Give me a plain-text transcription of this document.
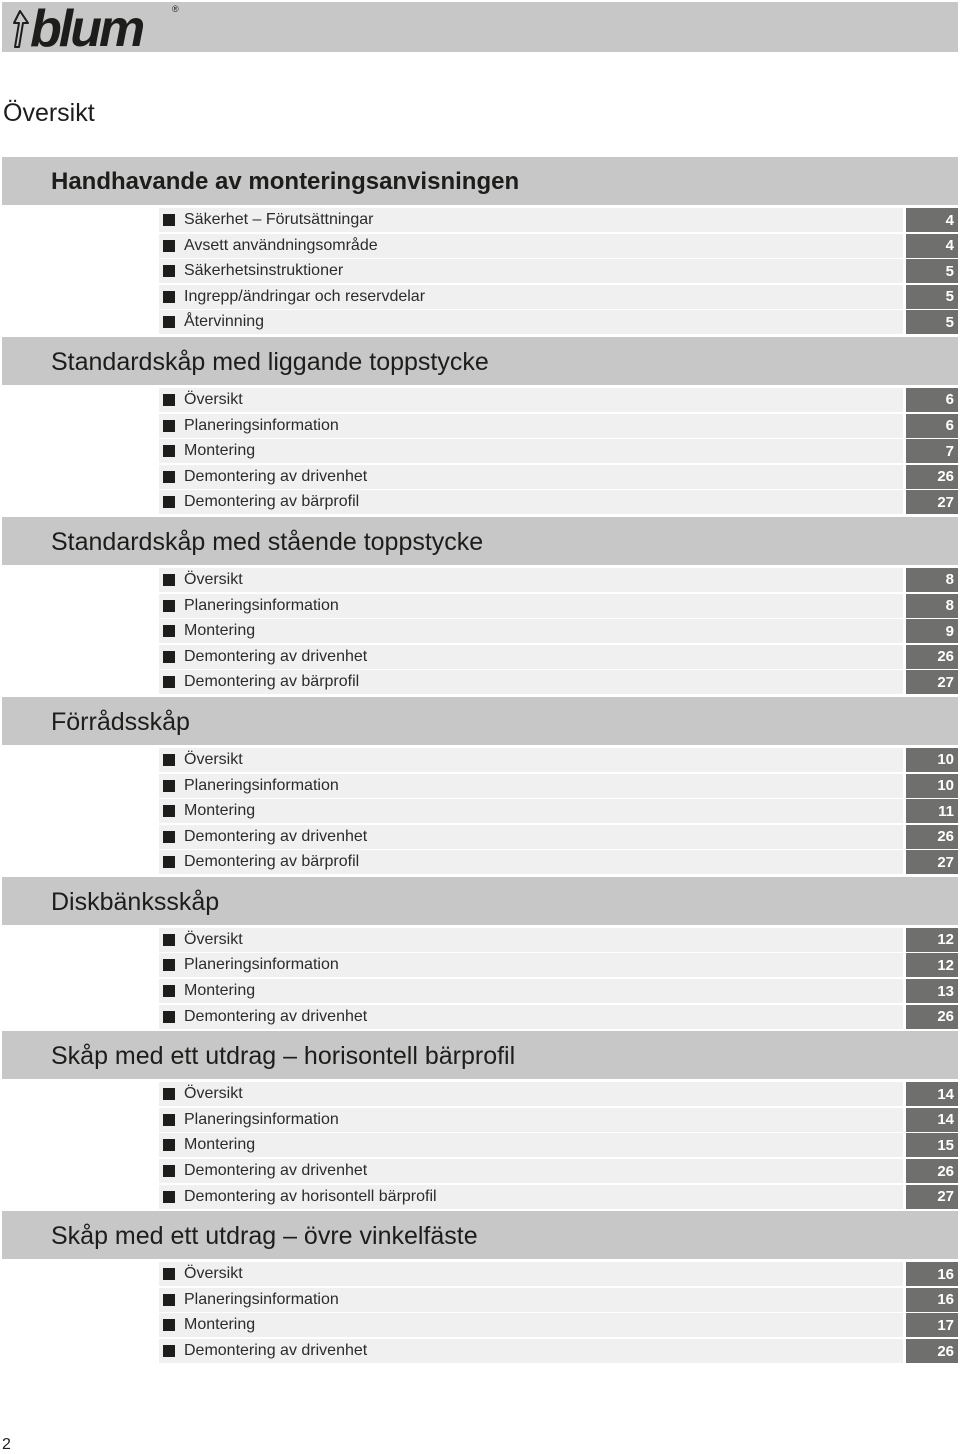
blum	®
Översikt
Handhavande av monteringsanvisningen
Säkerhet – Förutsättningar	4
Avsett användningsområde	4
Säkerhetsinstruktioner	5
Ingrepp/ändringar och reservdelar	5
Återvinning	5
Standardskåp med liggande toppstycke
Översikt	6
Planeringsinformation	6
Montering	7
Demontering av drivenhet	26
Demontering av bärprofil	27
Standardskåp med stående toppstycke
Översikt	8
Planeringsinformation	8
Montering	9
Demontering av drivenhet	26
Demontering av bärprofil	27
Förrådsskåp
Översikt	10
Planeringsinformation	10
Montering	11
Demontering av drivenhet	26
Demontering av bärprofil	27
Diskbänksskåp
Översikt	12
Planeringsinformation	12
Montering	13
Demontering av drivenhet	26
Skåp med ett utdrag – horisontell bärprofil
Översikt	14
Planeringsinformation	14
Montering	15
Demontering av drivenhet	26
Demontering av horisontell bärprofil	27
Skåp med ett utdrag – övre vinkelfäste
Översikt	16
Planeringsinformation	16
Montering	17
Demontering av drivenhet	26
2
